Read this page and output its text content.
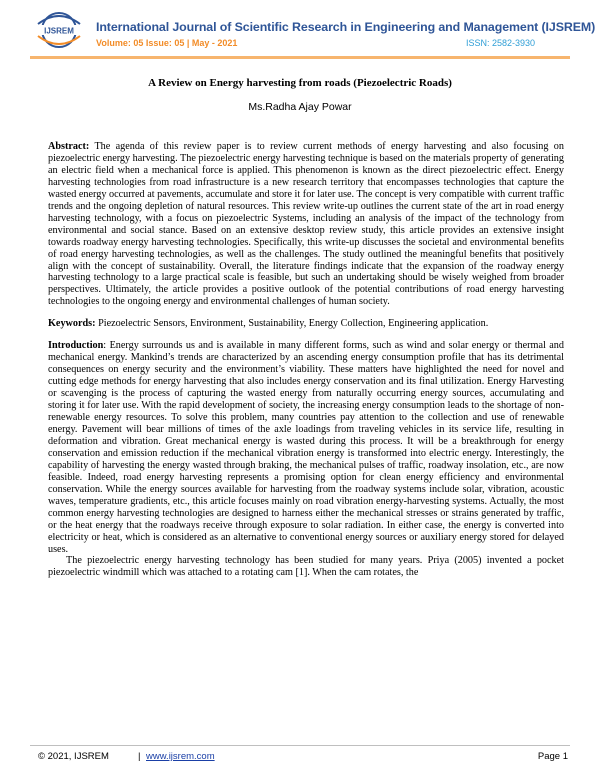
IJSREM International Journal of Scientific Research in Engineering and Management (IJSREM)
Volume: 05 Issue: 05 | May - 2021	ISSN: 2582-3930
A Review on Energy harvesting from roads (Piezoelectric Roads)
Ms.Radha Ajay Powar

Abstract: The agenda of this review paper is to review current methods of energy harvesting and also focusing on piezoelectric energy harvesting. The piezoelectric energy harvesting technique is based on the materials property of generating an electric field when a mechanical force is applied. This phenomenon is known as the direct piezoelectric effect. Energy harvesting technologies from road infrastructure is a new research territory that encompasses technologies that capture the wasted energy occurred at pavements, accumulate and store it for later use. The concept is very compatible with current traffic trends and the ongoing depletion of natural resources. This review write-up outlines the current state of the art in road energy harvesting technology, with a focus on piezoelectric Systems, including an analysis of the impact of the technology from environmental and social stance. Based on an extensive desktop review study, this article provides an extensive insight towards roadway energy harvesting technologies. Specifically, this write-up discusses the societal and environmental benefits of road energy harvesting technologies, as well as the challenges. The study outlined the meaningful benefits that positively align with the concept of sustainability. Overall, the literature findings indicate that the expansion of the roadway energy harvesting technology to a large practical scale is feasible, but such an undertaking should be wisely weighed from broader perspectives. Ultimately, the article provides a positive outlook of the potential contributions of road energy harvesting technologies to the ongoing energy and environmental challenges of human society.

Keywords: Piezoelectric Sensors, Environment, Sustainability, Energy Collection, Engineering application.

Introduction: Energy surrounds us and is available in many different forms, such as wind and solar energy or thermal and mechanical energy. Mankind’s trends are characterized by an ascending energy consumption profile that has its detrimental consequences on energy security and the environment’s viability. These matters have highlighted the need for novel and cutting edge methods for energy harvesting that also includes energy conservation and its final utilization. Energy Harvesting or scavenging is the process of capturing the wasted energy from naturally occurring energy sources, accumulating and storing it for later use. With the rapid development of society, the increasing energy consumption leads to the shortage of non-renewable energy resources. To solve this problem, many countries pay attention to the collection and use of renewable energy. Pavement will bear millions of times of the axle loadings from traveling vehicles in its service life, resulting in deformation and vibration. Great mechanical energy is wasted during this process. It will be a breakthrough for energy conservation and emission reduction if the mechanical vibration energy is transformed into electric energy. Interestingly, the capability of harvesting the energy wasted through braking, the mechanical pulses of traffic, roadway insolation, etc., are now feasible. Indeed, road energy harvesting represents a promising option for clean energy efficiency and environmental conservation. While the energy sources available for harvesting from the roadway systems include solar, vibration, acoustic waves, temperature gradients, etc., this article focuses mainly on road vibration energy-harvesting systems. Actually, the most common energy harvesting technologies are designed to harness either the mechanical stresses or strains generated by traffic, or the heat energy that the roadways receive through exposure to solar radiation. In either case, the energy is converted into electricity or heat, which is considered as an alternative to conventional energy sources or auxiliary energy stored for delayed uses.

The piezoelectric energy harvesting technology has been studied for many years. Priya (2005) invented a pocket piezoelectric windmill which was attached to a rotating cam [1]. When the cam rotates, the

© 2021, IJSREM	| www.ijsrem.com	Page 1
